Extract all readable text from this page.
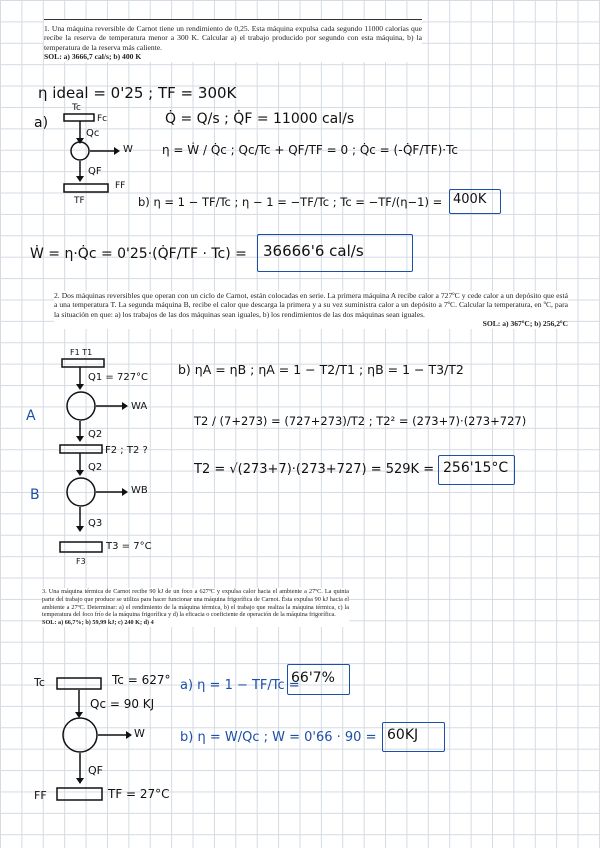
1. Una máquina reversible de Carnot tiene un rendimiento de 0,25. Esta máquina expulsa cada segundo 11000 calorías que recibe la reserva de temperatura menor a 300 K. Calcular a) el trabajo producido por segundo con esta máquina, b) la temperatura de la reserva más caliente.
SOL: a) 3666,7 cal/s; b) 400 K
η ideal = 0'25 ; TF = 300K
a)
Tc
Fc
Qc
W
QF
FF
TF
Q̇ = Q/s ; Q̇F = 11000 cal/s
η = Ẇ / Q̇c ; Qc/Tc + QF/TF = 0 ; Q̇c = (-Q̇F/TF)·Tc
b) η = 1 − TF/Tc ; η − 1 = −TF/Tc ; Tc = −TF/(η−1) = 400K
Ẇ = η·Q̇c = 0'25·(Q̇F/TF · Tc) = 36666'6 cal/s
2. Dos máquinas reversibles que operan con un ciclo de Carnot, están colocadas en serie. La primera máquina A recibe calor a 727ºC y cede calor a un depósito que está a una temperatura T. La segunda máquina B, recibe el calor que descarga la primera y a su vez suministra calor a un depósito a 7ºC. Calcular la temperatura, en ºC, para la situación en que: a) los trabajos de las dos máquinas sean iguales, b) los rendimientos de las dos máquinas sean iguales.
SOL: a) 367ºC; b) 256,2ºC
F1 T1
Q1 = 727°C
A
WA
Q2
F2 ; T2 ?
Q2
B	WB
Q3
F3
T3 = 7°C
b) ηA = ηB ; ηA = 1 − T2/T1 ; ηB = 1 − T3/T2
T2 / (7+273) = (727+273)/T2 ; T2² = (273+7)·(273+727)
T2 = √(273+7)·(273+727) = 529K = 256'15°C
3. Una máquina térmica de Carnot recibe 90 kJ de un foco a 627ºC y expulsa calor hacia el ambiente a 27ºC. La quinta parte del trabajo que produce se utiliza para hacer funcionar una máquina frigorífica de Carnot. Ésta expulsa 90 kJ hacia el ambiente a 27ºC. Determinar: a) el rendimiento de la máquina térmica, b) el trabajo que realiza la máquina térmica, c) la temperatura del foco frío de la máquina frigorífica y d) la eficacia o coeficiente de operación de la máquina frigorífica.
SOL: a) 66,7%; b) 59,99 kJ; c) 240 K; d) 4
Tc	Tc = 627°
Qc = 90 KJ
W
QF
FF	TF = 27°C
a) η = 1 − TF/Tc =
66'7%
b) η = W/Qc ; W = 0'66 · 90 = 60KJ
